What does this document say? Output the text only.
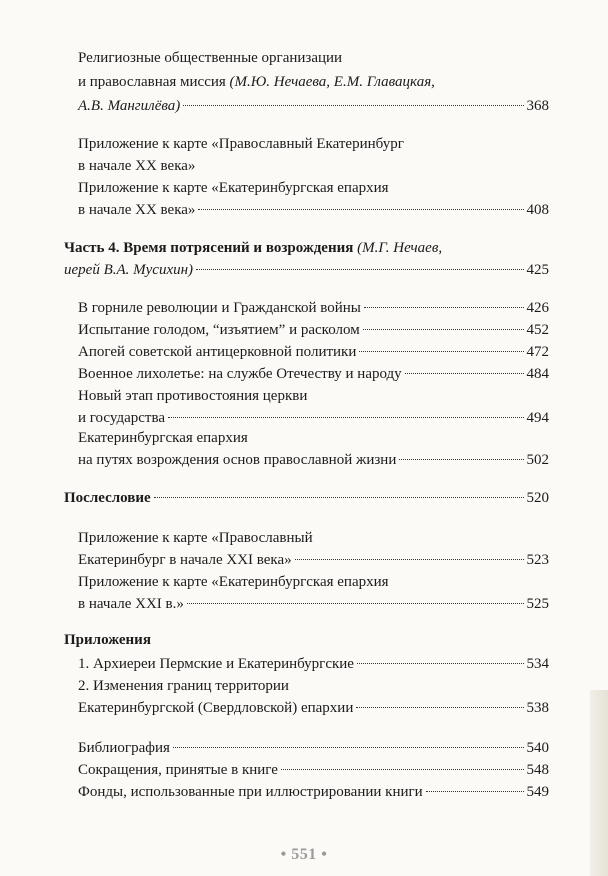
Религиозные общественные организации
и православная миссия (М.Ю. Нечаева, Е.М. Главацкая,
А.В. Мангилёва)	368
Приложение к карте «Православный Екатеринбург
в начале XX века»
Приложение к карте «Екатеринбургская епархия
в начале XX века»	408
Часть 4. Время потрясений и возрождения (М.Г. Нечаев,
иерей В.А. Мусихин)	425
В горниле революции и Гражданской войны	426
Испытание голодом, “изъятием” и расколом	452
Апогей советской антицерковной политики	472
Военное лихолетье: на службе Отечеству и народу	484
Новый этап противостояния церкви
и государства	494
Екатеринбургская епархия
на путях возрождения основ православной жизни	502
Послесловие	520
Приложение к карте «Православный
Екатеринбург в начале XXI века»	523
Приложение к карте «Екатеринбургская епархия
в начале XXI в.»	525
Приложения
1. Архиереи Пермские и Екатеринбургские	534
2. Изменения границ территории
Екатеринбургской (Свердловской) епархии	538
Библиография	540
Сокращения, принятые в книге	548
Фонды, использованные при иллюстрировании книги	549
• 551 •
